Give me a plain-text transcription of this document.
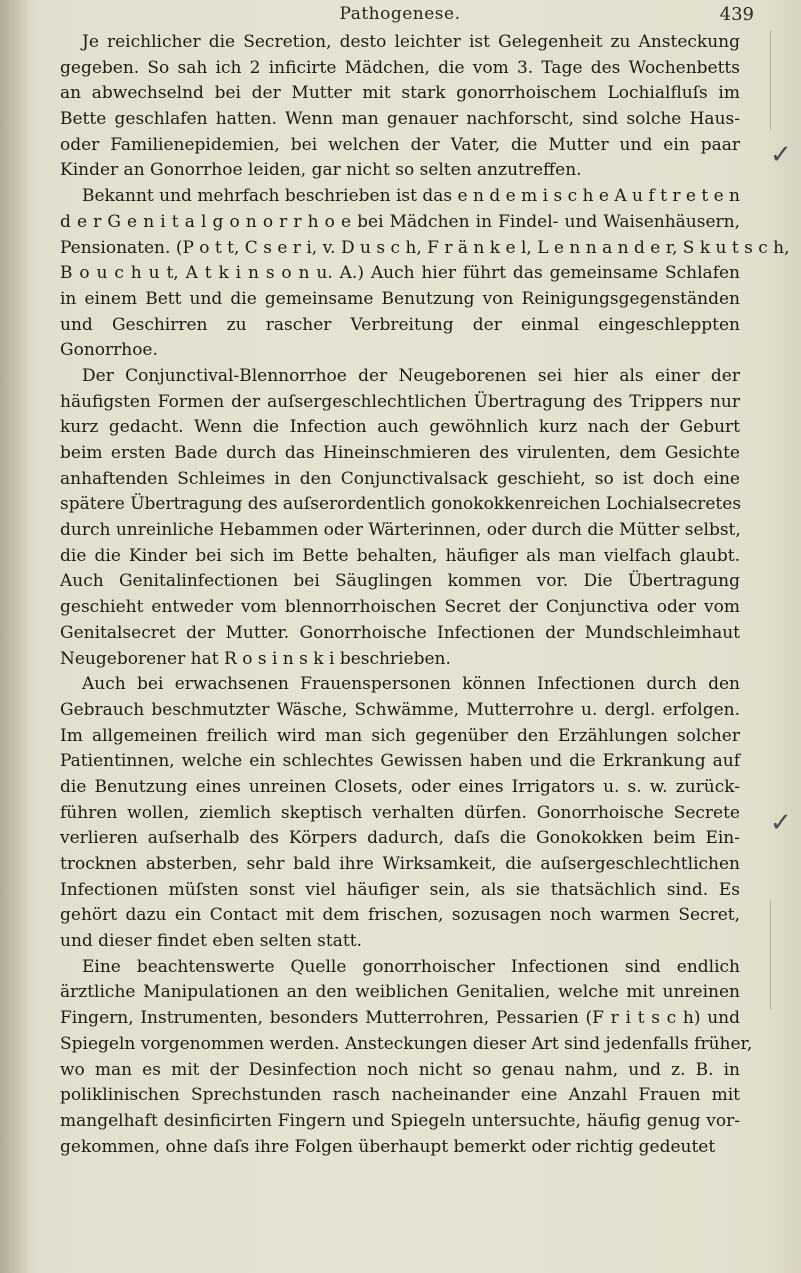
Pathogenese.	439
Je reichlicher die Secretion, desto leichter ist Gelegenheit zu Ansteckung
gegeben. So sah ich 2 inficirte Mädchen, die vom 3. Tage des Wochenbetts
an abwechselnd bei der Mutter mit stark gonorrhoischem Lochialfluſs im
Bette geschlafen hatten. Wenn man genauer nachforscht, sind solche Haus-
oder Familienepidemien, bei welchen der Vater, die Mutter und ein paar
Kinder an Gonorrhoe leiden, gar nicht so selten anzutreffen.
Bekannt und mehrfach beschrieben ist das e n d e m i s c h e A u f t r e t e n
d e r G e n i t a l g o n o r r h o e bei Mädchen in Findel- und Waisenhäusern,
Pensionaten. (P o t t, C s e r i, v. D u s c h, F r ä n k e l, L e n n a n d e r, S k u t s c h,
B o u c h u t, A t k i n s o n u. A.) Auch hier führt das gemeinsame Schlafen
in einem Bett und die gemeinsame Benutzung von Reinigungsgegenständen
und Geschirren zu rascher Verbreitung der einmal eingeschleppten
Gonorrhoe.
Der Conjunctival-Blennorrhoe der Neugeborenen sei hier als einer der
häufigsten Formen der auſsergeschlechtlichen Übertragung des Trippers nur
kurz gedacht. Wenn die Infection auch gewöhnlich kurz nach der Geburt
beim ersten Bade durch das Hineinschmieren des virulenten, dem Gesichte
anhaftenden Schleimes in den Conjunctivalsack geschieht, so ist doch eine
spätere Übertragung des auſserordentlich gonokokkenreichen Lochialsecretes
durch unreinliche Hebammen oder Wärterinnen, oder durch die Mütter selbst,
die die Kinder bei sich im Bette behalten, häufiger als man vielfach glaubt.
Auch Genitalinfectionen bei Säuglingen kommen vor. Die Übertragung
geschieht entweder vom blennorrhoischen Secret der Conjunctiva oder vom
Genitalsecret der Mutter. Gonorrhoische Infectionen der Mundschleimhaut
Neugeborener hat R o s i n s k i beschrieben.
Auch bei erwachsenen Frauenspersonen können Infectionen durch den
Gebrauch beschmutzter Wäsche, Schwämme, Mutterrohre u. dergl. erfolgen.
Im allgemeinen freilich wird man sich gegenüber den Erzählungen solcher
Patientinnen, welche ein schlechtes Gewissen haben und die Erkrankung auf
die Benutzung eines unreinen Closets, oder eines Irrigators u. s. w. zurück-
führen wollen, ziemlich skeptisch verhalten dürfen. Gonorrhoische Secrete
verlieren auſserhalb des Körpers dadurch, daſs die Gonokokken beim Ein-
trocknen absterben, sehr bald ihre Wirksamkeit, die auſsergeschlechtlichen
Infectionen müſsten sonst viel häufiger sein, als sie thatsächlich sind. Es
gehört dazu ein Contact mit dem frischen, sozusagen noch warmen Secret,
und dieser findet eben selten statt.
Eine beachtenswerte Quelle gonorrhoischer Infectionen sind endlich
ärztliche Manipulationen an den weiblichen Genitalien, welche mit unreinen
Fingern, Instrumenten, besonders Mutterrohren, Pessarien (F r i t s c h) und
Spiegeln vorgenommen werden. Ansteckungen dieser Art sind jedenfalls früher,
wo man es mit der Desinfection noch nicht so genau nahm, und z. B. in
poliklinischen Sprechstunden rasch nacheinander eine Anzahl Frauen mit
mangelhaft desinficirten Fingern und Spiegeln untersuchte, häufig genug vor-
gekommen, ohne daſs ihre Folgen überhaupt bemerkt oder richtig gedeutet
✓
✓
